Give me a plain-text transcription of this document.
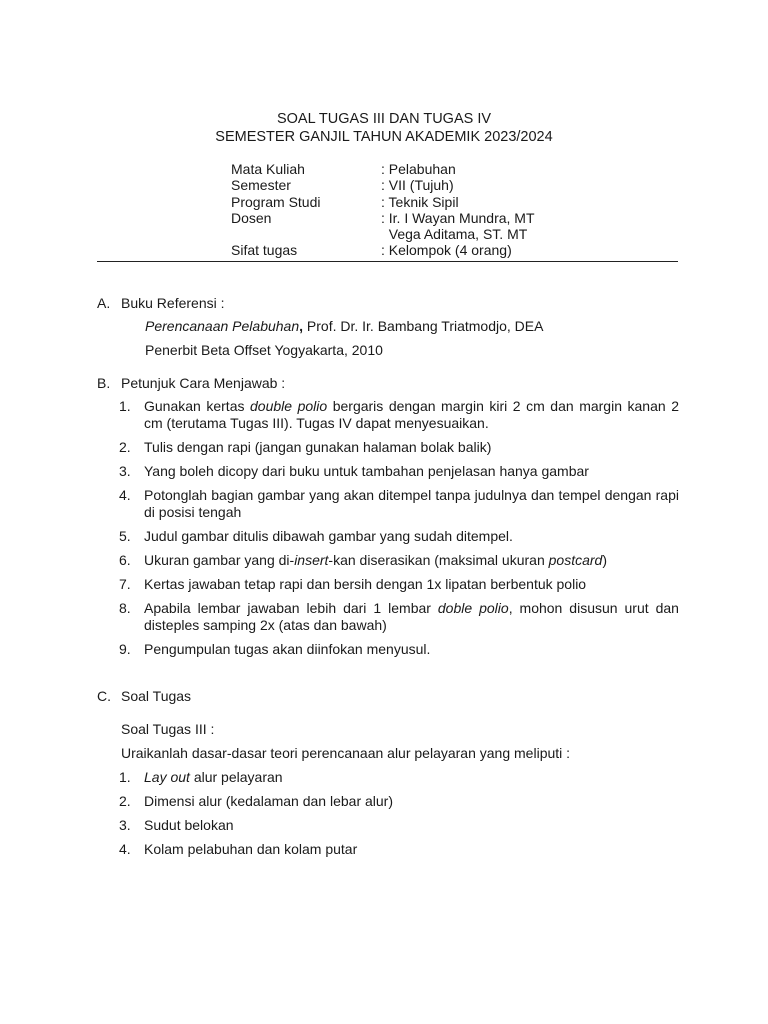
SOAL TUGAS III DAN TUGAS IV
SEMESTER GANJIL TAHUN AKADEMIK 2023/2024
Mata Kuliah	: Pelabuhan
Semester	: VII (Tujuh)
Program Studi	: Teknik Sipil
Dosen	: Ir. I Wayan Mundra, MT
Vega Aditama, ST. MT
Sifat tugas	: Kelompok (4 orang)
A. Buku Referensi :
Perencanaan Pelabuhan, Prof. Dr. Ir. Bambang Triatmodjo, DEA
Penerbit Beta Offset Yogyakarta, 2010
B. Petunjuk Cara Menjawab :
1. Gunakan kertas double polio bergaris dengan margin kiri 2 cm dan margin kanan 2 cm (terutama Tugas III). Tugas IV dapat menyesuaikan.
2. Tulis dengan rapi (jangan gunakan halaman bolak balik)
3. Yang boleh dicopy dari buku untuk tambahan penjelasan hanya gambar
4. Potonglah bagian gambar yang akan ditempel tanpa judulnya dan tempel dengan rapi di posisi tengah
5. Judul gambar ditulis dibawah gambar yang sudah ditempel.
6. Ukuran gambar yang di-insert-kan diserasikan (maksimal ukuran postcard)
7. Kertas jawaban tetap rapi dan bersih dengan 1x lipatan berbentuk polio
8. Apabila lembar jawaban lebih dari 1 lembar doble polio, mohon disusun urut dan disteples samping 2x (atas dan bawah)
9. Pengumpulan tugas akan diinfokan menyusul.
C. Soal Tugas
Soal Tugas III :
Uraikanlah dasar-dasar teori perencanaan alur pelayaran yang meliputi :
1. Lay out alur pelayaran
2. Dimensi alur (kedalaman dan lebar alur)
3. Sudut belokan
4. Kolam pelabuhan dan kolam putar
